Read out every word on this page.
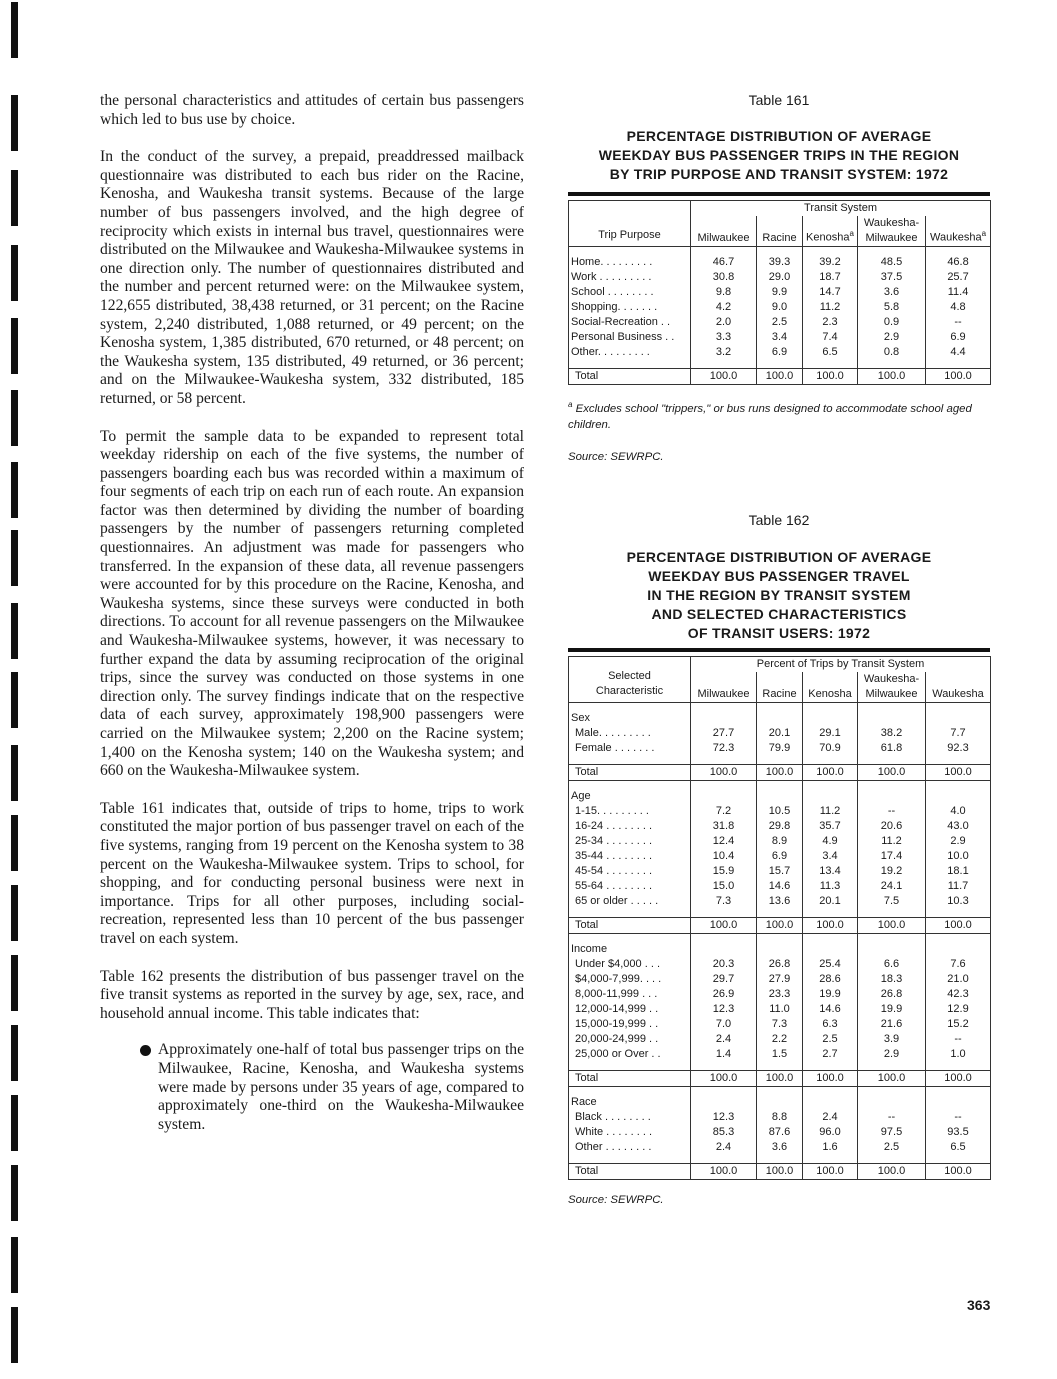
the personal characteristics and attitudes of certain bus passengers which led to bus use by choice.

In the conduct of the survey, a prepaid, preaddressed mailback questionnaire was distributed to each bus rider on the Racine, Kenosha, and Waukesha transit systems. Because of the large number of bus passengers involved, and the high degree of reciprocity which exists in internal bus travel, questionnaires were distributed on the Milwaukee and Waukesha-Milwaukee systems in one direction only. The number of questionnaires distributed and the number and percent returned were: on the Milwaukee system, 122,655 distributed, 38,438 returned, or 31 percent; on the Racine system, 2,240 distributed, 1,088 returned, or 49 percent; on the Kenosha system, 1,385 distributed, 670 returned, or 48 percent; on the Waukesha system, 135 distributed, 49 returned, or 36 percent; and on the Milwaukee-Waukesha system, 332 distributed, 185 returned, or 58 percent.

To permit the sample data to be expanded to represent total weekday ridership on each of the five systems, the number of passengers boarding each bus was recorded within a maximum of four segments of each trip on each run of each route. An expansion factor was then determined by dividing the number of boarding passengers by the number of passengers returning completed questionnaires. An adjustment was made for passengers who transferred. In the expansion of these data, all revenue passengers were accounted for by this procedure on the Racine, Kenosha, and Waukesha systems, since these surveys were conducted in both directions. To account for all revenue passengers on the Milwaukee and Waukesha-Milwaukee systems, however, it was necessary to further expand the data by assuming reciprocation of the original trips, since the survey was conducted on those systems in one direction only. The survey findings indicate that on the respective data of each survey, approximately 198,900 passengers were carried on the Milwaukee system; 2,200 on the Racine system; 1,400 on the Kenosha system; 140 on the Waukesha system; and 660 on the Waukesha-Milwaukee system.

Table 161 indicates that, outside of trips to home, trips to work constituted the major portion of bus passenger travel on each of the five systems, ranging from 19 percent on the Kenosha system to 38 percent on the Waukesha-Milwaukee system. Trips to school, for shopping, and for conducting personal business were next in importance. Trips for all other purposes, including social-recreation, represented less than 10 percent of the bus passenger travel on each system.

Table 162 presents the distribution of bus passenger travel on the five transit systems as reported in the survey by age, sex, race, and household annual income. This table indicates that:

Approximately one-half of total bus passenger trips on the Milwaukee, Racine, Kenosha, and Waukesha systems were made by persons under 35 years of age, compared to approximately one-third on the Waukesha-Milwaukee system.
Table 161
PERCENTAGE DISTRIBUTION OF AVERAGE
WEEKDAY BUS PASSENGER TRIPS IN THE REGION
BY TRIP PURPOSE AND TRANSIT SYSTEM: 1972
Trip Purpose	Transit System				
	Milwaukee	Racine	Kenosha$^a$	Waukesha-
Milwaukee	Waukesha$^a$

Home. . . . . . . . .	46.7	39.3	39.2	48.5	46.8
Work . . . . . . . . .	30.8	29.0	18.7	37.5	25.7
School . . . . . . . .	9.8	9.9	14.7	3.6	11.4
Shopping. . . . . . .	4.2	9.0	11.2	5.8	4.8
Social-Recreation . .	2.0	2.5	2.3	0.9	--
Personal Business . .	3.3	3.4	7.4	2.9	6.9
Other. . . . . . . . .	3.2	6.9	6.5	0.8	4.4

Total	100.0	100.0	100.0	100.0	100.0
$^a$ Excludes school "trippers," or bus runs designed to accommodate school aged children.
Source: SEWRPC.
Table 162
PERCENTAGE DISTRIBUTION OF AVERAGE
WEEKDAY BUS PASSENGER TRAVEL
IN THE REGION BY TRANSIT SYSTEM
AND SELECTED CHARACTERISTICS
OF TRANSIT USERS: 1972
Selected
Characteristic	Percent of Trips by Transit System				
	Milwaukee	Racine	Kenosha	Waukesha-
Milwaukee	Waukesha

Sex					
Male. . . . . . . . .	27.7	20.1	29.1	38.2	7.7
Female . . . . . . .	72.3	79.9	70.9	61.8	92.3

Total	100.0	100.0	100.0	100.0	100.0

Age					
1-15. . . . . . . . .	7.2	10.5	11.2	--	4.0
16-24 . . . . . . . .	31.8	29.8	35.7	20.6	43.0
25-34 . . . . . . . .	12.4	8.9	4.9	11.2	2.9
35-44 . . . . . . . .	10.4	6.9	3.4	17.4	10.0
45-54 . . . . . . . .	15.9	15.7	13.4	19.2	18.1
55-64 . . . . . . . .	15.0	14.6	11.3	24.1	11.7
65 or older . . . . .	7.3	13.6	20.1	7.5	10.3

Total	100.0	100.0	100.0	100.0	100.0

Income					
Under $4,000 . . .	20.3	26.8	25.4	6.6	7.6
$4,000-7,999. . . .	29.7	27.9	28.6	18.3	21.0
8,000-11,999 . . .	26.9	23.3	19.9	26.8	42.3
12,000-14,999 . .	12.3	11.0	14.6	19.9	12.9
15,000-19,999 . .	7.0	7.3	6.3	21.6	15.2
20,000-24,999 . .	2.4	2.2	2.5	3.9	--
25,000 or Over . .	1.4	1.5	2.7	2.9	1.0

Total	100.0	100.0	100.0	100.0	100.0

Race					
Black . . . . . . . .	12.3	8.8	2.4	--	--
White . . . . . . . .	85.3	87.6	96.0	97.5	93.5
Other . . . . . . . .	2.4	3.6	1.6	2.5	6.5

Total	100.0	100.0	100.0	100.0	100.0
Source: SEWRPC.
363
